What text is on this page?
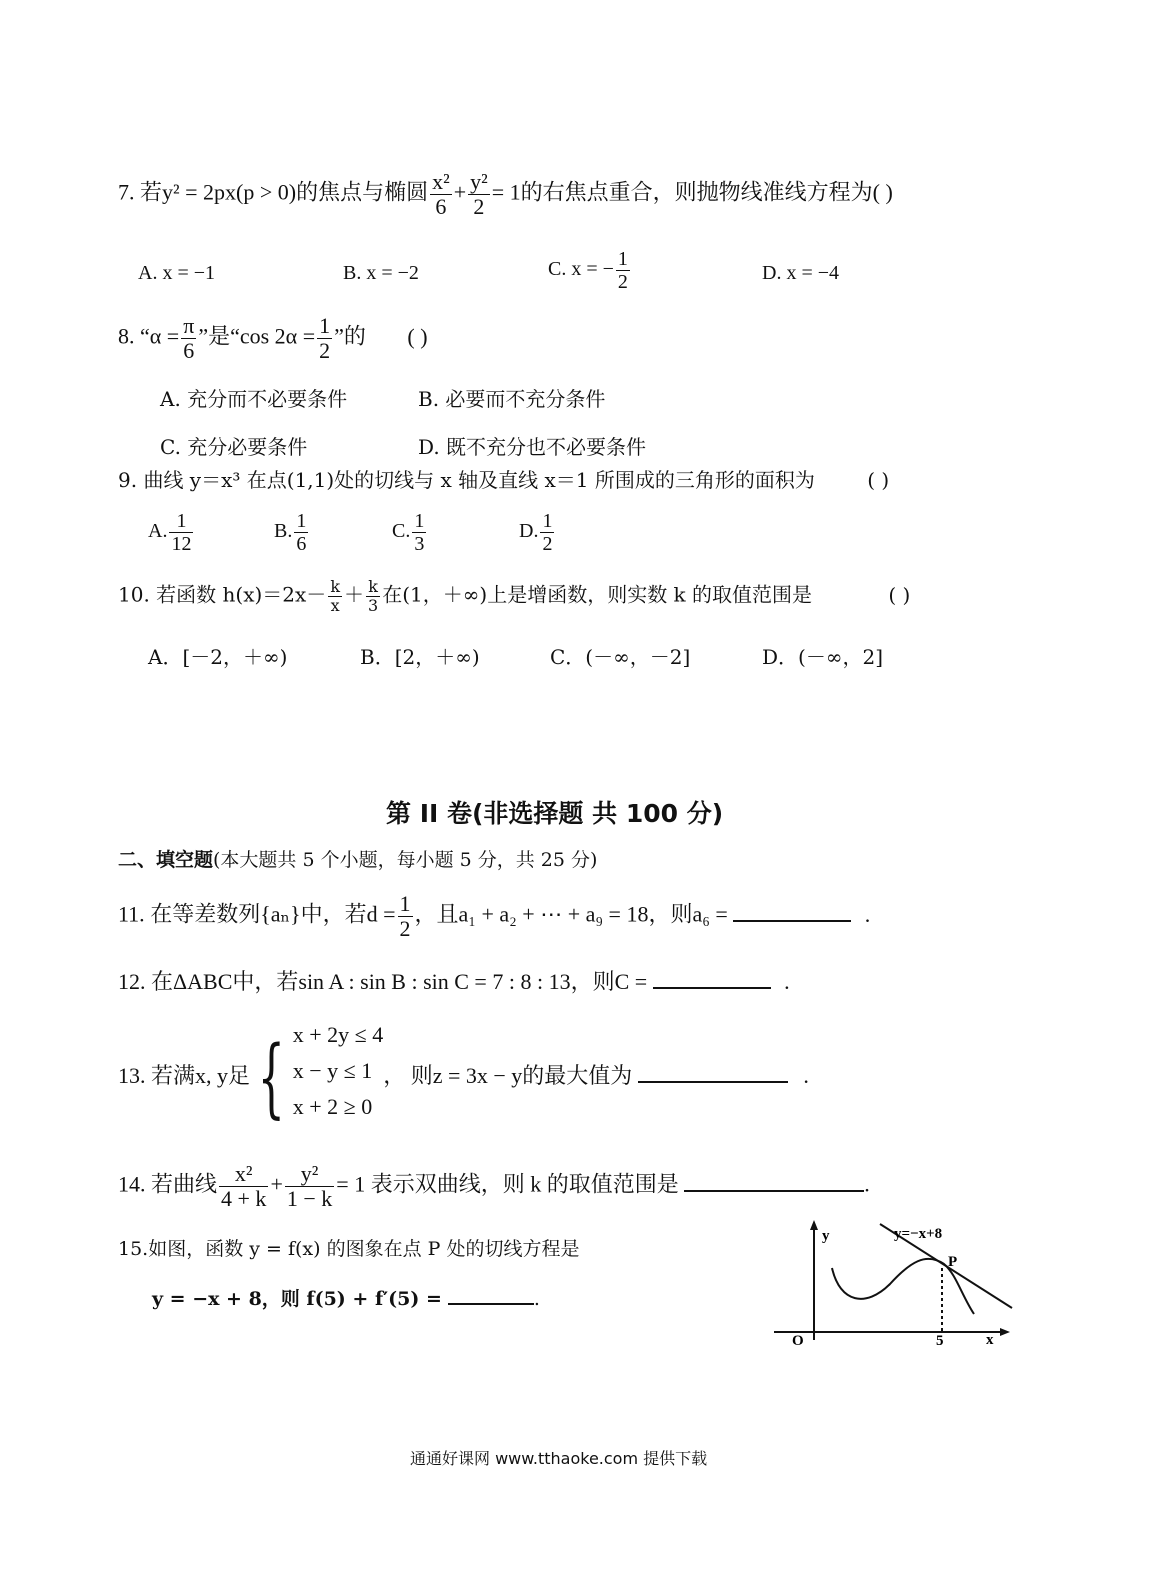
7. 若y² = 2px(p > 0)的焦点与椭圆 $\frac{\text{x²}}{6} + \frac{\text{y²}}{2} = 1$的右焦点重合，则抛物线准线方程为( )
A. x = −1	B. x = −2	C. x = − $\frac{1}{2}$	D. x = −4
8. “$\alpha = \frac{\pi}{6}$ ”是“cos $2\alpha = \frac{1}{2}$ ”的 ( )
A. 充分而不必要条件	B. 必要而不充分条件
C. 充分必要条件	D. 既不充分也不必要条件
9. 曲线 y＝x³ 在点(1,1)处的切线与 x 轴及直线 x＝1 所围成的三角形的面积为	( )
A. $\frac{1}{12}$	B. $\frac{1}{6}$	C. $\frac{1}{3}$	D. $\frac{1}{2}$
10. 若函数 $h(x)=2x- \frac{k}{x} + \frac{k}{3}$ 在(1，＋∞)上是增函数，则实数 k 的取值范围是	( )
A．[－2，＋∞)	B．[2，＋∞)	C．(－∞，－2]	D．(－∞，2]
第 II 卷(非选择题 共 100 分)
二、填空题(本大题共 5 个小题，每小题 5 分，共 25 分)
11. 在等差数列{aₙ}中，若$d = \frac{1}{2}$ ，且a₁ + a₂ + ⋯ + a₉ = 18，则a₆ =	.
12. 在ΔABC中，若sin A : sin B : sin C = 7 : 8 : 13，则C =	.
13. 若满x, y足{ x + 2y ≤ 4
x − y ≤ 1
x + 2 ≥ 0
， 则z = 3x − y的最大值为	.
14. 若曲线 $\frac{\text{x²}}{4 + k} + \frac{\text{y²}}{1 - k} = 1$ 表示双曲线，则 k 的取值范围是	.
15.如图，函数 y = f(x) 的图象在点 P 处的切线方程是
y = −x + 8，则 f(5) + f′(5) =	.
y	y=−x+8
P
O	5	x
通通好课网 www.tthaoke.com 提供下载
